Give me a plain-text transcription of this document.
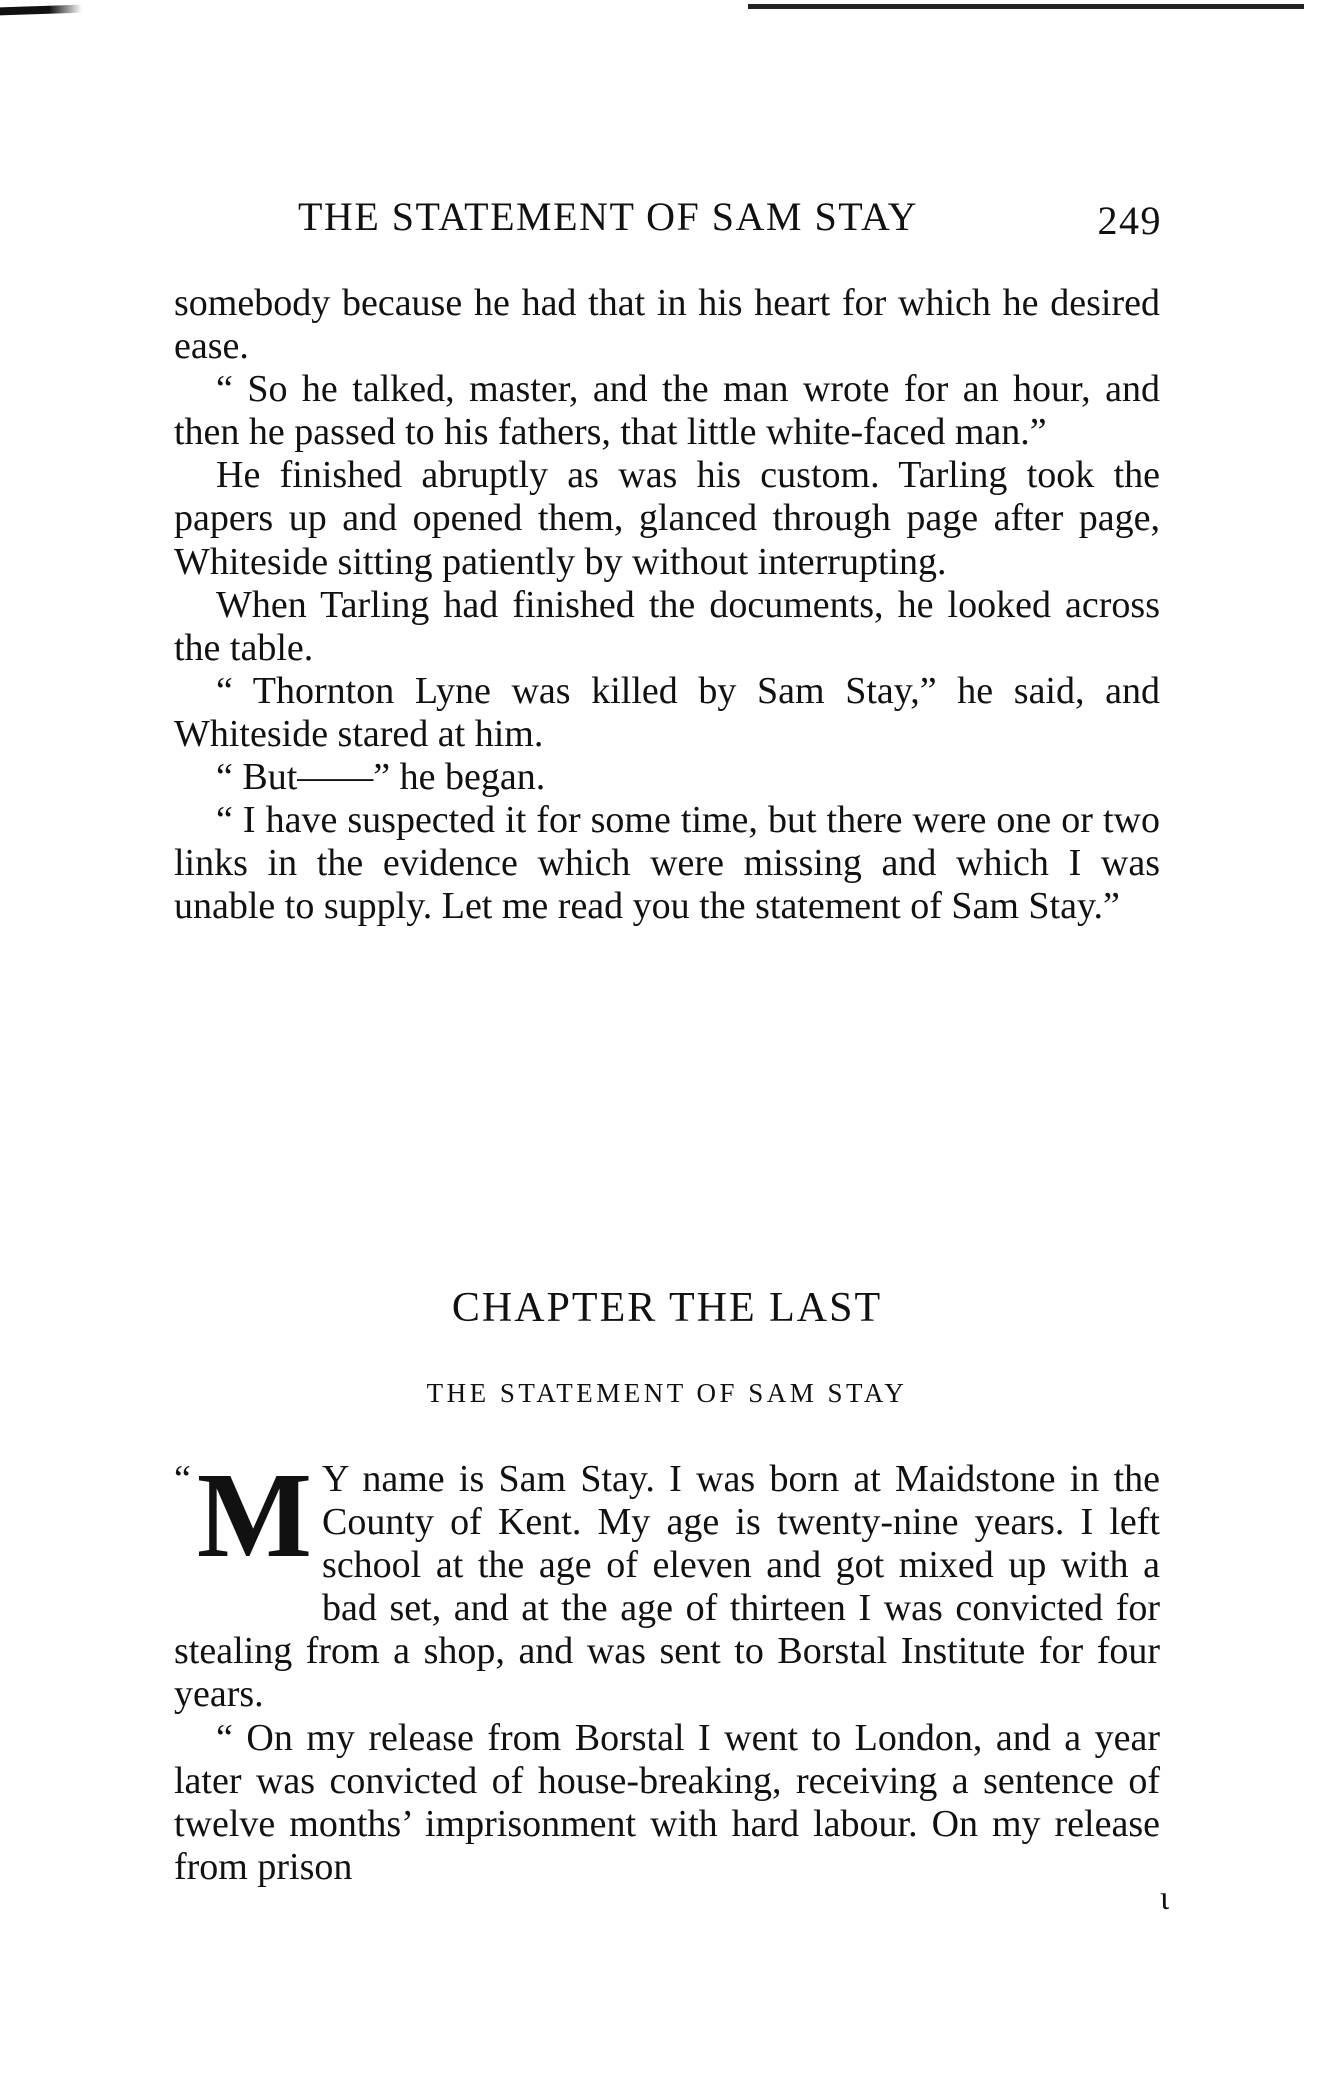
THE STATEMENT OF SAM STAY	249

somebody because he had that in his heart for which he desired ease.

“ So he talked, master, and the man wrote for an hour, and then he passed to his fathers, that little white-faced man.”

He finished abruptly as was his custom. Tarling took the papers up and opened them, glanced through page after page, Whiteside sitting patiently by without interrupting.

When Tarling had finished the documents, he looked across the table.

“ Thornton Lyne was killed by Sam Stay,” he said, and Whiteside stared at him.

“ But——” he began.

“ I have suspected it for some time, but there were one or two links in the evidence which were missing and which I was unable to supply. Let me read you the statement of Sam Stay.”

CHAPTER THE LAST
THE STATEMENT OF SAM STAY

“ M Y name is Sam Stay. I was born at Maidstone in the County of Kent. My age is twenty-nine years. I left school at the age of eleven and got mixed up with a bad set, and at the age of thirteen I was convicted for stealing from a shop, and was sent to Borstal Institute for four years.

“ On my release from Borstal I went to London, and a year later was convicted of house-breaking, receiving a sentence of twelve months’ imprisonment with hard labour. On my release from prison

ɩ
